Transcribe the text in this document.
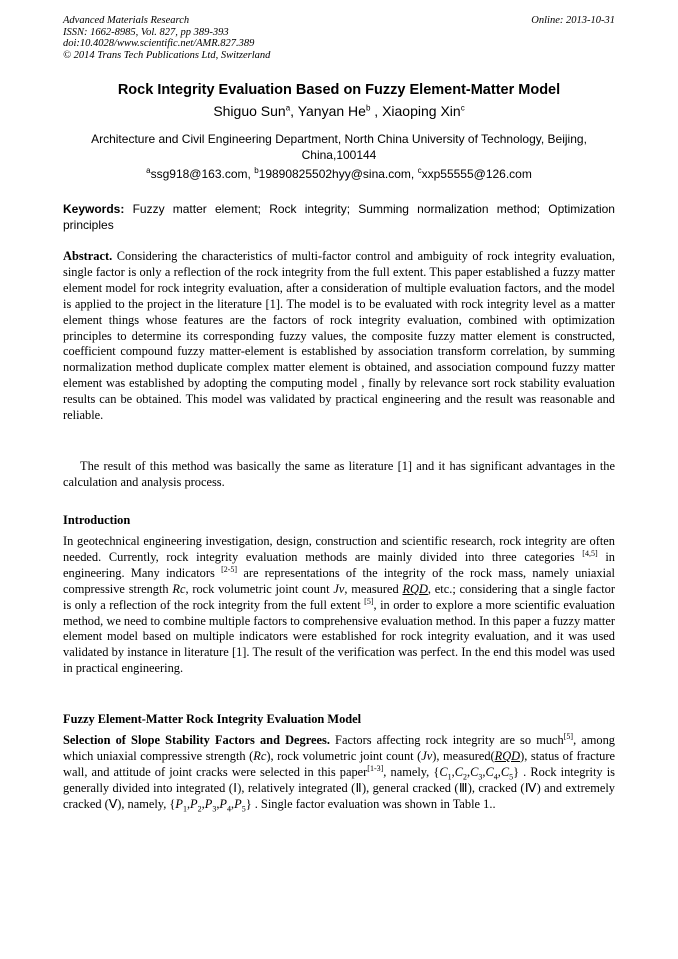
Advanced Materials Research
ISSN: 1662-8985, Vol. 827, pp 389-393
doi:10.4028/www.scientific.net/AMR.827.389
© 2014 Trans Tech Publications Ltd, Switzerland
Online: 2013-10-31
Rock Integrity Evaluation Based on Fuzzy Element-Matter Model
Shiguo Sun$^a$, Yanyan He$^b$ , Xiaoping Xin$^c$
Architecture and Civil Engineering Department, North China University of Technology, Beijing, China,100144
$^a$ssg918@163.com, $^b$19890825502hyy@sina.com, $^c$xxp55555@126.com
Keywords: Fuzzy matter element; Rock integrity; Summing normalization method; Optimization principles
Abstract. Considering the characteristics of multi-factor control and ambiguity of rock integrity evaluation, single factor is only a reflection of the rock integrity from the full extent. This paper established a fuzzy matter element model for rock integrity evaluation, after a consideration of multiple evaluation factors, and the model is applied to the project in the literature [1]. The model is to be evaluated with rock integrity level as a matter element things whose features are the factors of rock integrity evaluation, combined with optimization principles to determine its corresponding fuzzy values, the composite fuzzy matter element is constructed, coefficient compound fuzzy matter-element is established by association transform correlation, by summing normalization method duplicate complex matter element is obtained, and association compound fuzzy matter element was established by adopting the computing model , finally by relevance sort rock stability evaluation results can be obtained. This model was validated by practical engineering and the result was reasonable and reliable.
The result of this method was basically the same as literature [1] and it has significant advantages in the calculation and analysis process.
Introduction
In geotechnical engineering investigation, design, construction and scientific research, rock integrity are often needed. Currently, rock integrity evaluation methods are mainly divided into three categories [4,5] in engineering. Many indicators [2-5] are representations of the integrity of the rock mass, namely uniaxial compressive strength Rc, rock volumetric joint count Jv, measured RQD, etc.; considering that a single factor is only a reflection of the rock integrity from the full extent [5], in order to explore a more scientific evaluation method, we need to combine multiple factors to comprehensive evaluation method. In this paper a fuzzy matter element model based on multiple indicators were established for rock integrity evaluation, and it was used validated by instance in literature [1]. The result of the verification was perfect. In the end this model was used in practical engineering.
Fuzzy Element-Matter Rock Integrity Evaluation Model
Selection of Slope Stability Factors and Degrees. Factors affecting rock integrity are so much[5], among which uniaxial compressive strength (Rc), rock volumetric joint count (Jv), measured(RQD), status of fracture wall, and attitude of joint cracks were selected in this paper[1-3], namely, $\{C_1,C_2,C_3,C_4,C_5\}$ . Rock integrity is generally divided into integrated (Ⅰ), relatively integrated (Ⅱ), general cracked (Ⅲ), cracked (Ⅳ) and extremely cracked (Ⅴ), namely, $\{P_1,P_2,P_3,P_4,P_5\}$ . Single factor evaluation was shown in Table 1..
